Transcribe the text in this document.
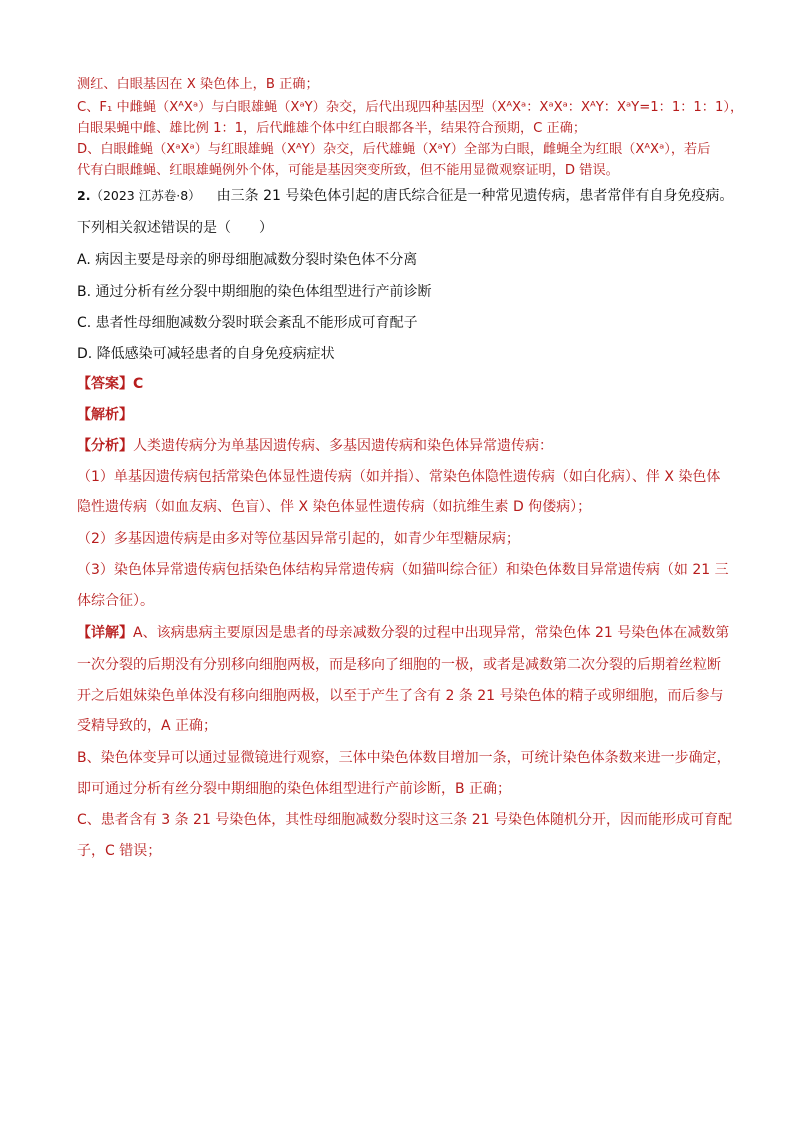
测红、白眼基因在 X 染色体上，B 正确；
C、F₁ 中雌蝇（XᴬXᵃ）与白眼雄蝇（XᵃY）杂交，后代出现四种基因型（XᴬXᵃ：XᵃXᵃ：XᴬY：XᵃY=1：1：1：1），
白眼果蝇中雌、雄比例 1：1，后代雌雄个体中红白眼都各半，结果符合预期，C 正确；
D、白眼雌蝇（XᵃXᵃ）与红眼雄蝇（XᴬY）杂交，后代雄蝇（XᵃY）全部为白眼，雌蝇全为红眼（XᴬXᵃ），若后
代有白眼雌蝇、红眼雄蝇例外个体，可能是基因突变所致，但不能用显微观察证明，D 错误。
2.（2023 江苏卷·8） 由三条 21 号染色体引起的唐氏综合征是一种常见遗传病，患者常伴有自身免疫病。
下列相关叙述错误的是（　　）
A. 病因主要是母亲的卵母细胞减数分裂时染色体不分离
B. 通过分析有丝分裂中期细胞的染色体组型进行产前诊断
C. 患者性母细胞减数分裂时联会紊乱不能形成可育配子
D. 降低感染可减轻患者的自身免疫病症状
【答案】C
【解析】
【分析】人类遗传病分为单基因遗传病、多基因遗传病和染色体异常遗传病：
（1）单基因遗传病包括常染色体显性遗传病（如并指）、常染色体隐性遗传病（如白化病）、伴 X 染色体
隐性遗传病（如血友病、色盲）、伴 X 染色体显性遗传病（如抗维生素 D 佝偻病）；
（2）多基因遗传病是由多对等位基因异常引起的，如青少年型糖尿病；
（3）染色体异常遗传病包括染色体结构异常遗传病（如猫叫综合征）和染色体数目异常遗传病（如 21 三
体综合征）。
【详解】A、该病患病主要原因是患者的母亲减数分裂的过程中出现异常，常染色体 21 号染色体在减数第
一次分裂的后期没有分别移向细胞两极，而是移向了细胞的一极，或者是减数第二次分裂的后期着丝粒断
开之后姐妹染色单体没有移向细胞两极，以至于产生了含有 2 条 21 号染色体的精子或卵细胞，而后参与
受精导致的，A 正确；
B、染色体变异可以通过显微镜进行观察，三体中染色体数目增加一条，可统计染色体条数来进一步确定，
即可通过分析有丝分裂中期细胞的染色体组型进行产前诊断，B 正确；
C、患者含有 3 条 21 号染色体，其性母细胞减数分裂时这三条 21 号染色体随机分开，因而能形成可育配
子，C 错误；
